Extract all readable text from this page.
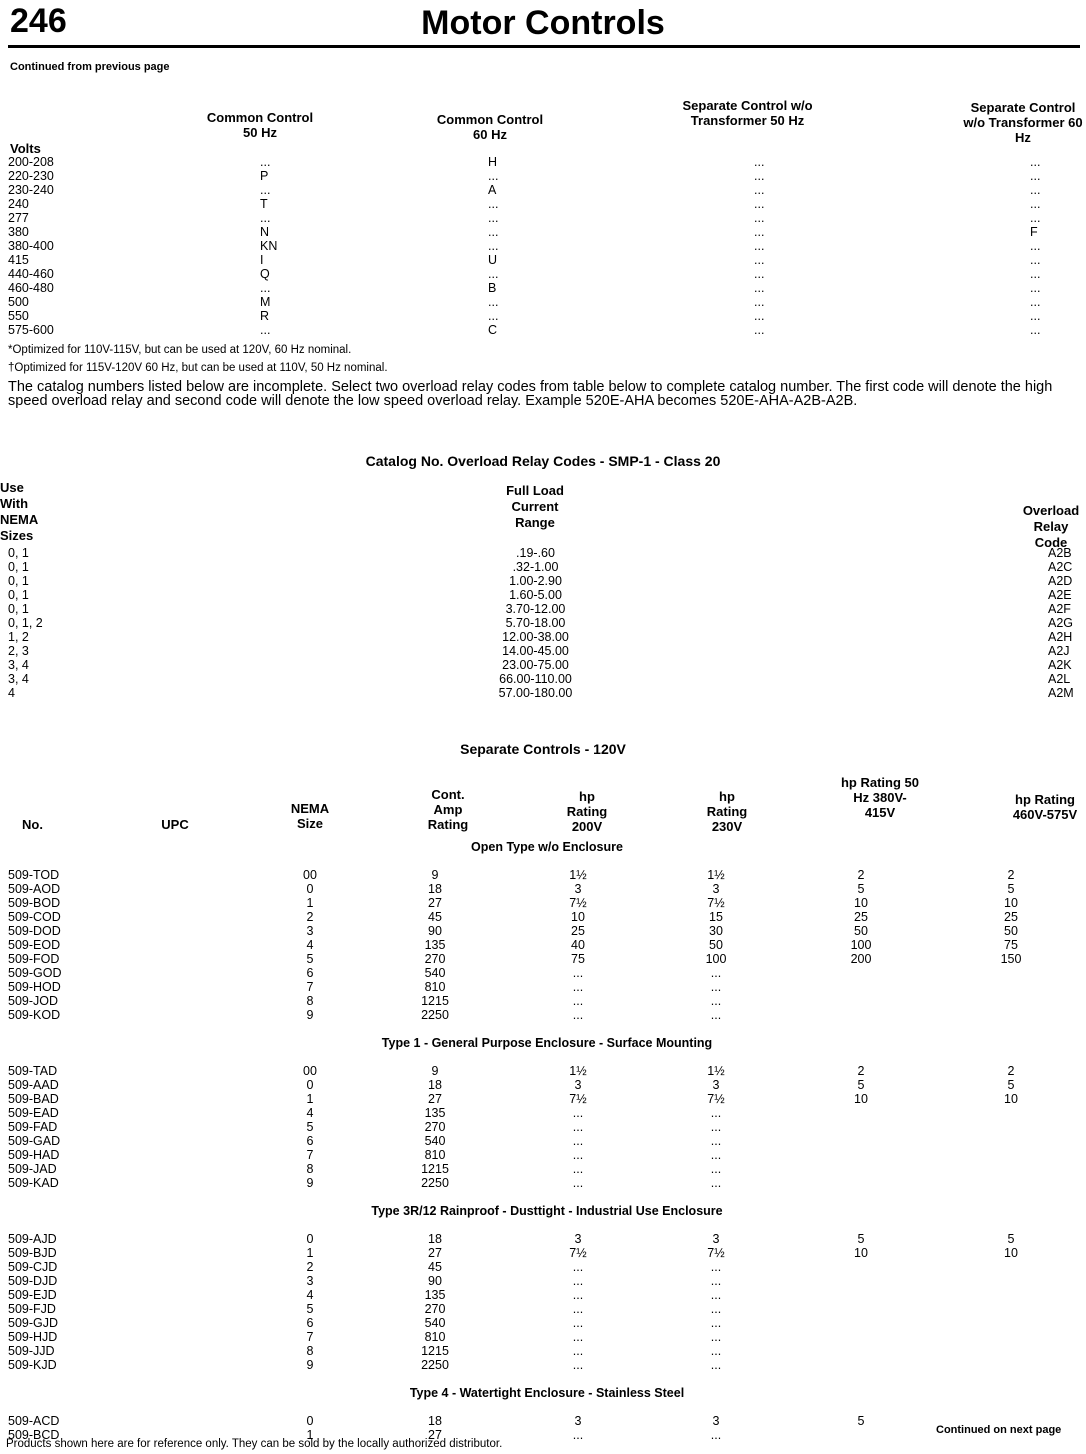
246	Motor Controls
Continued from previous page
Common Control 50 Hz
Common Control 60 Hz
Separate Control w/o Transformer 50 Hz
Separate Control w/o Transformer 60 Hz
Volts
200-208	...	H	...	...
220-230	P	...	...	...
230-240	...	A	...	...
240	T	...	...	...
277	...	...	...	...
380	N	...	...	F
380-400	KN	...	...	...
415	I	U	...	...
440-460	Q	...	...	...
460-480	...	B	...	...
500	M	...	...	...
550	R	...	...	...
575-600	...	C	...	...
*Optimized for 110V-115V, but can be used at 120V, 60 Hz nominal.
†Optimized for 115V-120V 60 Hz, but can be used at 110V, 50 Hz nominal.
The catalog numbers listed below are incomplete. Select two overload relay codes from table below to complete catalog number. The first code will denote the high speed overload relay and second code will denote the low speed overload relay. Example 520E-AHA becomes 520E-AHA-A2B-A2B.
Catalog No. Overload Relay Codes - SMP-1 - Class 20
Use With NEMA Sizes
Full Load Current Range
Overload Relay Code
0, 1	.19-.60	A2B
0, 1	.32-1.00	A2C
0, 1	1.00-2.90	A2D
0, 1	1.60-5.00	A2E
0, 1	3.70-12.00	A2F
0, 1, 2	5.70-18.00	A2G
1, 2	12.00-38.00	A2H
2, 3	14.00-45.00	A2J
3, 4	23.00-75.00	A2K
3, 4	66.00-110.00	A2L
4	57.00-180.00	A2M
Separate Controls - 120V
No.	UPC
NEMA Size
Cont. Amp Rating
hp Rating 200V
hp Rating 230V
hp Rating 50 Hz 380V-415V
hp Rating 460V-575V
Open Type w/o Enclosure						

509-TOD	00	9	1½	1½	2	2
509-AOD	0	18	3	3	5	5
509-BOD	1	27	7½	7½	10	10
509-COD	2	45	10	15	25	25
509-DOD	3	90	25	30	50	50
509-EOD	4	135	40	50	100	75
509-FOD	5	270	75	100	200	150
509-GOD	6	540	...	...		
509-HOD	7	810	...	...		
509-JOD	8	1215	...	...		
509-KOD	9	2250	...	...		

Type 1 - General Purpose Enclosure - Surface Mounting						

509-TAD	00	9	1½	1½	2	2
509-AAD	0	18	3	3	5	5
509-BAD	1	27	7½	7½	10	10
509-EAD	4	135	...	...		
509-FAD	5	270	...	...		
509-GAD	6	540	...	...		
509-HAD	7	810	...	...		
509-JAD	8	1215	...	...		
509-KAD	9	2250	...	...		

Type 3R/12 Rainproof - Dusttight - Industrial Use Enclosure						

509-AJD	0	18	3	3	5	5
509-BJD	1	27	7½	7½	10	10
509-CJD	2	45	...	...		
509-DJD	3	90	...	...		
509-EJD	4	135	...	...		
509-FJD	5	270	...	...		
509-GJD	6	540	...	...		
509-HJD	7	810	...	...		
509-JJD	8	1215	...	...		
509-KJD	9	2250	...	...		

Type 4 - Watertight Enclosure - Stainless Steel						

509-ACD	0	18	3	3	5	
509-BCD	1	27	...	...			Continued on next page
Products shown here are for reference only. They can be sold by the locally authorized distributor.
